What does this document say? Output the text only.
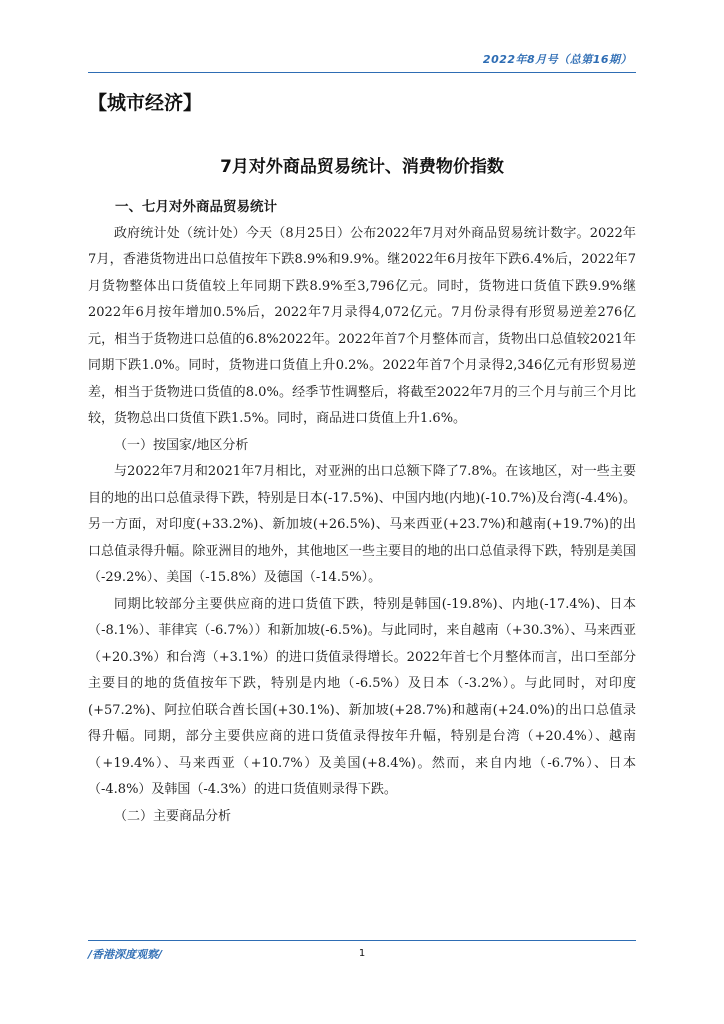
2022年8月号（总第16期）
【城市经济】
7月对外商品贸易统计、消费物价指数
一、七月对外商品贸易统计

政府统计处（统计处）今天（8月25日）公布2022年7月对外商品贸易统计数字。2022年7月，香港货物进出口总值按年下跌8.9%和9.9%。继2022年6月按年下跌6.4%后，2022年7月货物整体出口货值较上年同期下跌8.9%至3,796亿元。同时，货物进口货值下跌9.9%继2022年6月按年增加0.5%后，2022年7月录得4,072亿元。7月份录得有形贸易逆差276亿元，相当于货物进口总值的6.8%2022年。2022年首7个月整体而言，货物出口总值较2021年同期下跌1.0%。同时，货物进口货值上升0.2%。2022年首7个月录得2,346亿元有形贸易逆差，相当于货物进口货值的8.0%。经季节性调整后，将截至2022年7月的三个月与前三个月比较，货物总出口货值下跌1.5%。同时，商品进口货值上升1.6%。

（一）按国家/地区分析

与2022年7月和2021年7月相比，对亚洲的出口总额下降了7.8%。在该地区，对一些主要目的地的出口总值录得下跌，特别是日本(-17.5%)、中国内地(内地)(-10.7%)及台湾(-4.4%)。另一方面，对印度(+33.2%)、新加坡(+26.5%)、马来西亚(+23.7%)和越南(+19.7%)的出口总值录得升幅。除亚洲目的地外，其他地区一些主要目的地的出口总值录得下跌，特别是美国（-29.2%）、美国（-15.8%）及德国（-14.5%）。

同期比较部分主要供应商的进口货值下跌，特别是韩国(-19.8%)、内地(-17.4%)、日本（-8.1%）、菲律宾（-6.7%））和新加坡(-6.5%)。与此同时，来自越南（+30.3%）、马来西亚（+20.3%）和台湾（+3.1%）的进口货值录得增长。2022年首七个月整体而言，出口至部分主要目的地的货值按年下跌，特别是内地（-6.5%）及日本（-3.2%）。与此同时，对印度(+57.2%)、阿拉伯联合酋长国(+30.1%)、新加坡(+28.7%)和越南(+24.0%)的出口总值录得升幅。同期，部分主要供应商的进口货值录得按年升幅，特别是台湾（+20.4%）、越南（+19.4%）、马来西亚（+10.7%）及美国(+8.4%)。然而，来自内地（-6.7%）、日本（-4.8%）及韩国（-4.3%）的进口货值则录得下跌。

（二）主要商品分析
/香港深度观察/	1
